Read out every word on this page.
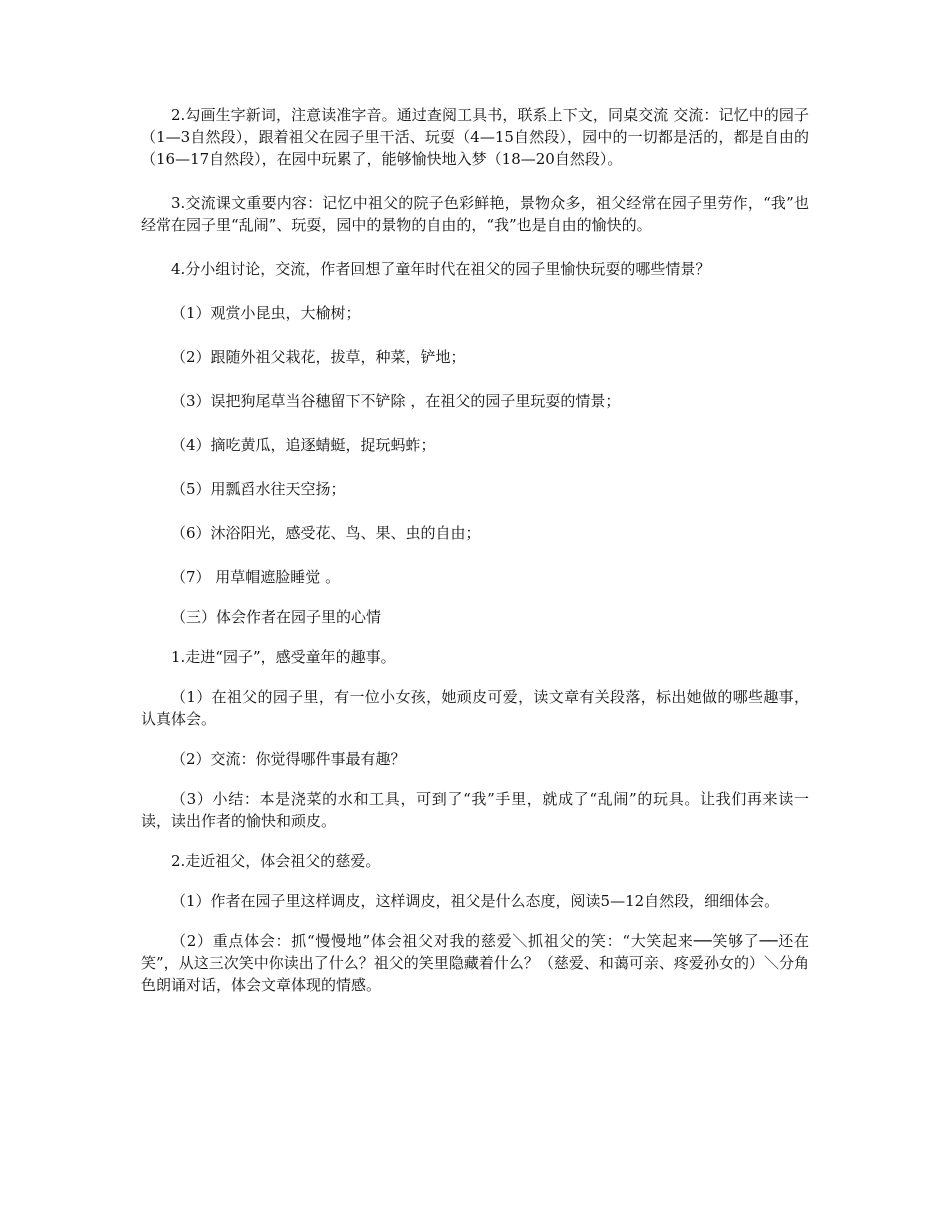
2.勾画生字新词，注意读准字音。通过查阅工具书，联系上下文，同桌交流 交流：记忆中的园子（1—3自然段），跟着祖父在园子里干活、玩耍（4—15自然段），园中的一切都是活的，都是自由的（16—17自然段），在园中玩累了，能够愉快地入梦（18—20自然段）。

3.交流课文重要内容：记忆中祖父的院子色彩鲜艳，景物众多，祖父经常在园子里劳作，“我”也经常在园子里“乱闹”、玩耍，园中的景物的自由的，“我”也是自由的愉快的。

4.分小组讨论，交流，作者回想了童年时代在祖父的园子里愉快玩耍的哪些情景？

（1）观赏小昆虫，大榆树；

（2）跟随外祖父栽花，拔草，种菜，铲地；

（3）误把狗尾草当谷穗留下不铲除 ，在祖父的园子里玩耍的情景；

（4）摘吃黄瓜，追逐蜻蜓，捉玩蚂蚱；

（5）用瓢舀水往天空扬；

（6）沐浴阳光，感受花、鸟、果、虫的自由；

（7） 用草帽遮脸睡觉 。

（三）体会作者在园子里的心情

1.走进“园子”，感受童年的趣事。

（1）在祖父的园子里，有一位小女孩，她顽皮可爱，读文章有关段落，标出她做的哪些趣事，认真体会。

（2）交流：你觉得哪件事最有趣？

（3）小结：本是浇菜的水和工具，可到了“我”手里，就成了“乱闹”的玩具。让我们再来读一读，读出作者的愉快和顽皮。

2.走近祖父，体会祖父的慈爱。

（1）作者在园子里这样调皮，这样调皮，祖父是什么态度，阅读5—12自然段，细细体会。

（2）重点体会：抓“慢慢地”体会祖父对我的慈爱＼抓祖父的笑：“大笑起来──笑够了──还在笑”，从这三次笑中你读出了什么？祖父的笑里隐藏着什么？（慈爱、和蔼可亲、疼爱孙女的）＼分角色朗诵对话，体会文章体现的情感。
